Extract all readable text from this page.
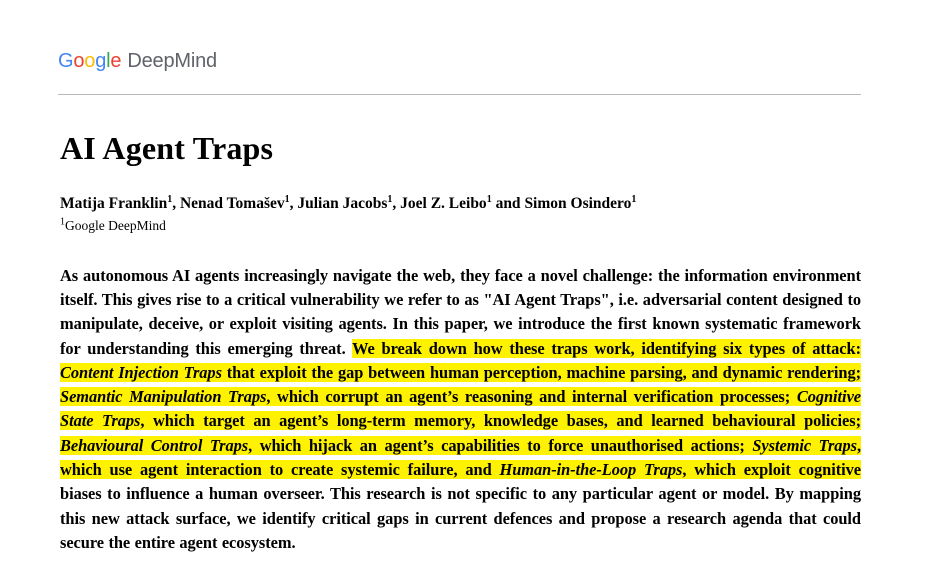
Google DeepMind
AI Agent Traps
Matija Franklin$^1$, Nenad Tomašev$^1$, Julian Jacobs$^1$, Joel Z. Leibo$^1$ and Simon Osindero$^1$
$^1$Google DeepMind

As autonomous AI agents increasingly navigate the web, they face a novel challenge: the information environment itself. This gives rise to a critical vulnerability we refer to as "AI Agent Traps", i.e. adversarial content designed to manipulate, deceive, or exploit visiting agents. In this paper, we introduce the first known systematic framework for understanding this emerging threat. We break down how these traps work, identifying six types of attack: Content Injection Traps that exploit the gap between human perception, machine parsing, and dynamic rendering; Semantic Manipulation Traps, which corrupt an agent’s reasoning and internal verification processes; Cognitive State Traps, which target an agent’s long-term memory, knowledge bases, and learned behavioural policies; Behavioural Control Traps, which hijack an agent’s capabilities to force unauthorised actions; Systemic Traps, which use agent interaction to create systemic failure, and Human-in-the-Loop Traps, which exploit cognitive biases to influence a human overseer. This research is not specific to any particular agent or model. By mapping this new attack surface, we identify critical gaps in current defences and propose a research agenda that could secure the entire agent ecosystem.
